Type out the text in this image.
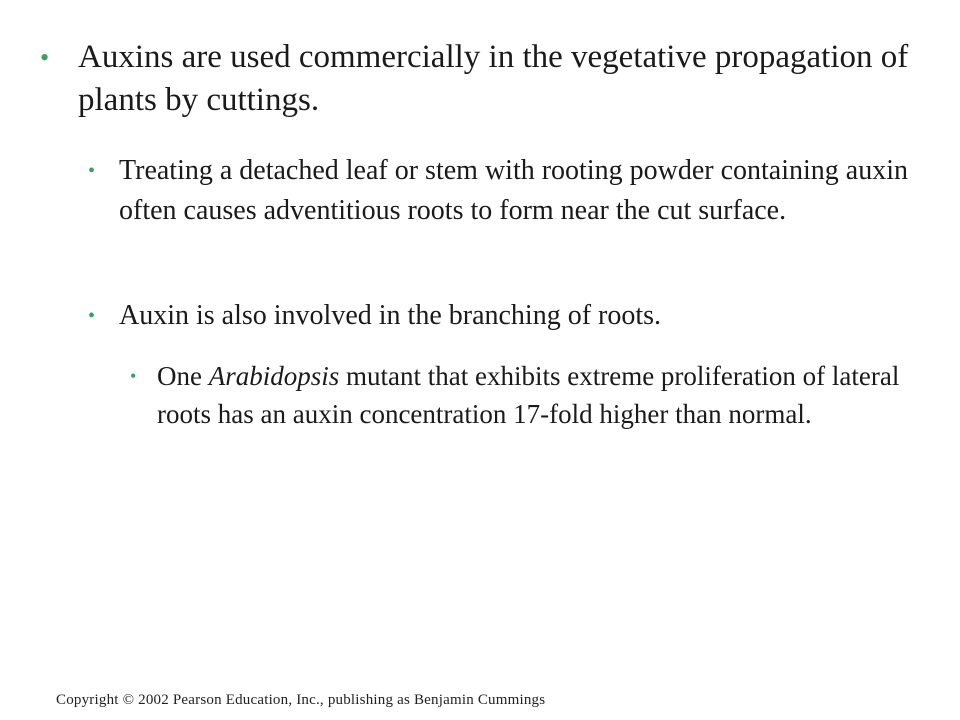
• Auxins are used commercially in the vegetative propagation of plants by cuttings.
• Treating a detached leaf or stem with rooting powder containing auxin often causes adventitious roots to form near the cut surface.
• Auxin is also involved in the branching of roots.
• One Arabidopsis mutant that exhibits extreme proliferation of lateral roots has an auxin concentration 17-fold higher than normal.
Copyright © 2002 Pearson Education, Inc., publishing as Benjamin Cummings
